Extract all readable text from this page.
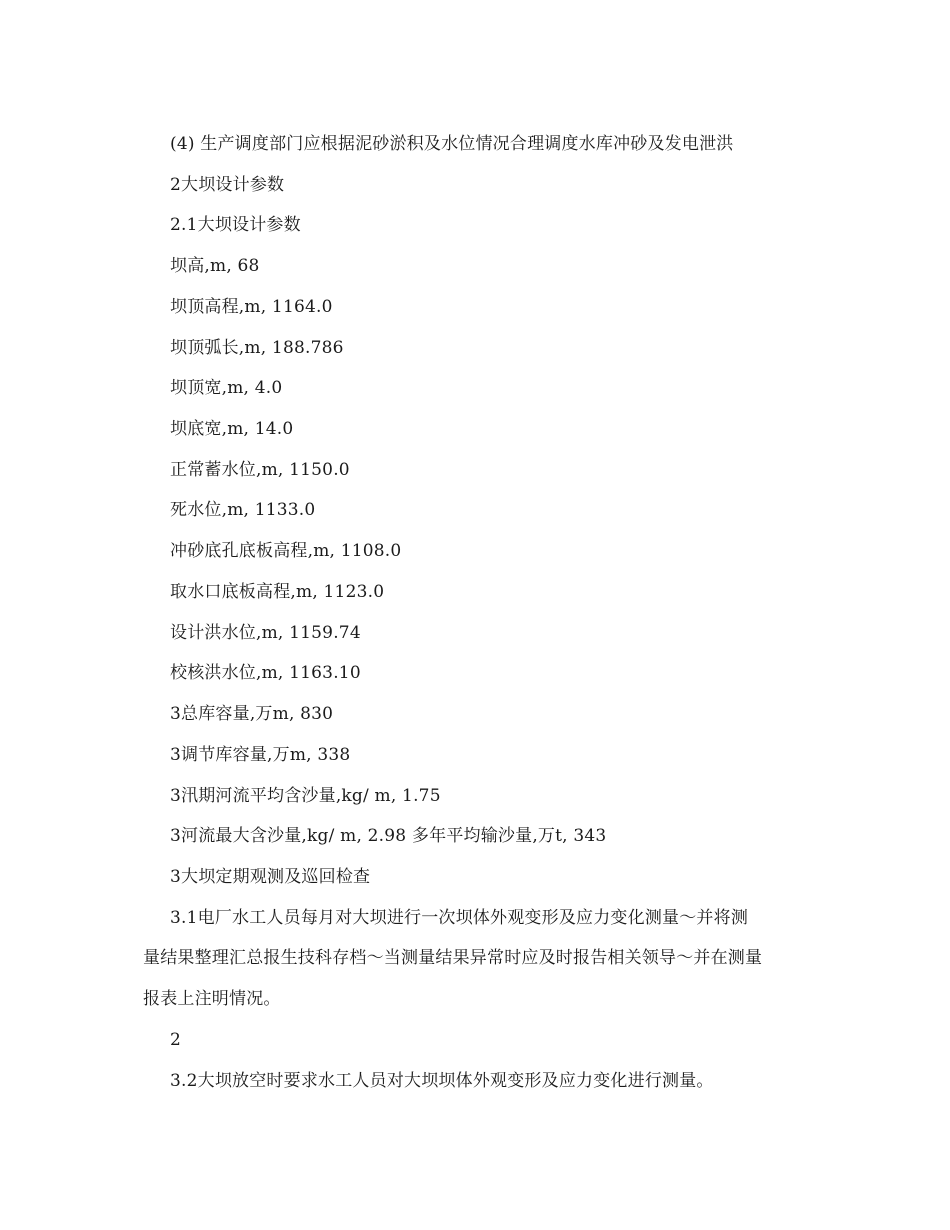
(4) 生产调度部门应根据泥砂淤积及水位情况合理调度水库冲砂及发电泄洪
2大坝设计参数
2.1大坝设计参数
坝高,m, 68
坝顶高程,m, 1164.0
坝顶弧长,m, 188.786
坝顶宽,m, 4.0
坝底宽,m, 14.0
正常蓄水位,m, 1150.0
死水位,m, 1133.0
冲砂底孔底板高程,m, 1108.0
取水口底板高程,m, 1123.0
设计洪水位,m, 1159.74
校核洪水位,m, 1163.10
3总库容量,万m, 830
3调节库容量,万m, 338
3汛期河流平均含沙量,kg/ m, 1.75
3河流最大含沙量,kg/ m, 2.98 多年平均输沙量,万t, 343
3大坝定期观测及巡回检查
3.1电厂水工人员每月对大坝进行一次坝体外观变形及应力变化测量～并将测
量结果整理汇总报生技科存档～当测量结果异常时应及时报告相关领导～并在测量
报表上注明情况。
2
3.2大坝放空时要求水工人员对大坝坝体外观变形及应力变化进行测量。
